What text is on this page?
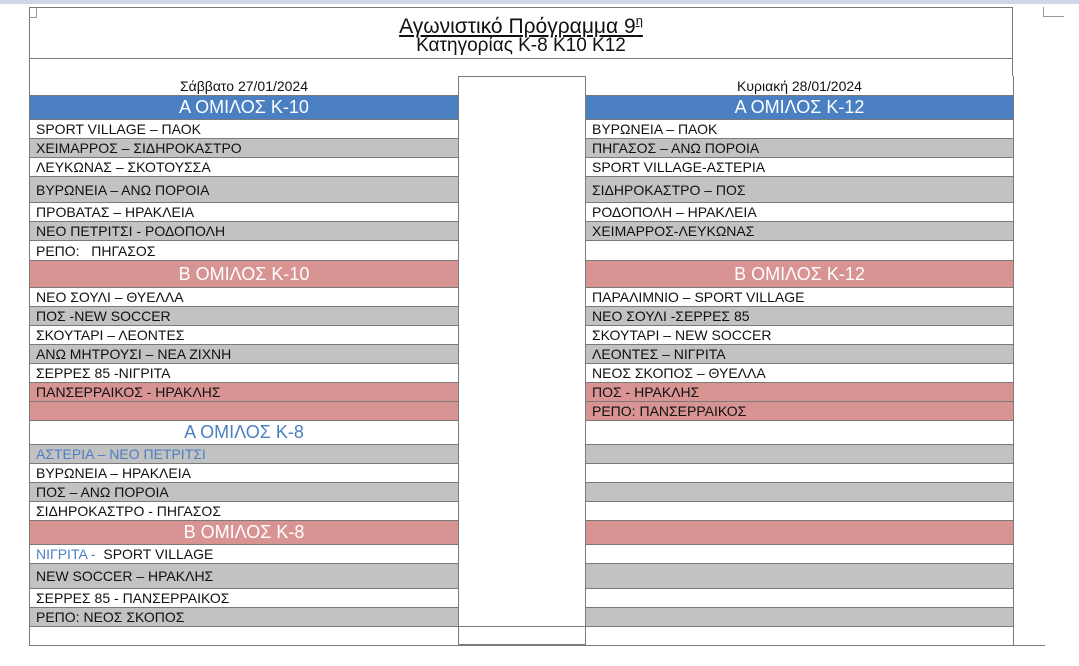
Αγωνιστικό Πρόγραμμα $9^\eta$
Κατηγορίας Κ-8 Κ10 Κ12
Σάββατο 27/01/2024
Α ΟΜΙΛΟΣ Κ-10
SPORT VILLAGE – ΠΑΟΚ
ΧΕΙΜΑΡΡΟΣ – ΣΙΔΗΡΟΚΑΣΤΡΟ
ΛΕΥΚΩΝΑΣ – ΣΚΟΤΟΥΣΣΑ
ΒΥΡΩΝΕΙΑ – ΑΝΩ ΠΟΡΟΙΑ
ΠΡΟΒΑΤΑΣ – ΗΡΑΚΛΕΙΑ
ΝΕΟ ΠΕΤΡΙΤΣΙ - ΡΟΔΟΠΟΛΗ
ΡΕΠΟ:   ΠΗΓΑΣΟΣ
Β ΟΜΙΛΟΣ Κ-10
ΝΕΟ ΣΟΥΛΙ – ΘΥΕΛΛΑ
ΠΟΣ -NEW SOCCER
ΣΚΟΥΤΑΡΙ – ΛΕΟΝΤΕΣ
ΑΝΩ ΜΗΤΡΟΥΣΙ – ΝΕΑ ΖΙΧΝΗ
ΣΕΡΡΕΣ 85 -ΝΙΓΡΙΤΑ
ΠΑΝΣΕΡΡΑΙΚΟΣ - ΗΡΑΚΛΗΣ
Α ΟΜΙΛΟΣ Κ-8
ΑΣΤΕΡΙΑ – ΝΕΟ ΠΕΤΡΙΤΣΙ
ΒΥΡΩΝΕΙΑ – ΗΡΑΚΛΕΙΑ
ΠΟΣ – ΑΝΩ ΠΟΡΟΙΑ
ΣΙΔΗΡΟΚΑΣΤΡΟ - ΠΗΓΑΣΟΣ
Β ΟΜΙΛΟΣ Κ-8
ΝΙΓΡΙΤΑ - SPORT VILLAGE
NEW SOCCER – ΗΡΑΚΛΗΣ
ΣΕΡΡΕΣ 85 - ΠΑΝΣΕΡΡΑΙΚΟΣ
ΡΕΠΟ: ΝΕΟΣ ΣΚΟΠΟΣ
Κυριακή 28/01/2024
Α ΟΜΙΛΟΣ Κ-12
ΒΥΡΩΝΕΙΑ – ΠΑΟΚ
ΠΗΓΑΣΟΣ – ΑΝΩ ΠΟΡΟΙΑ
SPORT VILLAGE-ΑΣΤΕΡΙΑ
ΣΙΔΗΡΟΚΑΣΤΡΟ – ΠΟΣ
ΡΟΔΟΠΟΛΗ – ΗΡΑΚΛΕΙΑ
ΧΕΙΜΑΡΡΟΣ-ΛΕΥΚΩΝΑΣ
Β ΟΜΙΛΟΣ Κ-12
ΠΑΡΑΛΙΜΝΙΟ – SPORT VILLAGE
ΝΕΟ ΣΟΥΛΙ -ΣΕΡΡΕΣ 85
ΣΚΟΥΤΑΡΙ – NEW SOCCER
ΛΕΟΝΤΕΣ – ΝΙΓΡΙΤΑ
ΝΕΟΣ ΣΚΟΠΟΣ – ΘΥΕΛΛΑ
ΠΟΣ - ΗΡΑΚΛΗΣ
ΡΕΠΟ: ΠΑΝΣΕΡΡΑΙΚΟΣ
